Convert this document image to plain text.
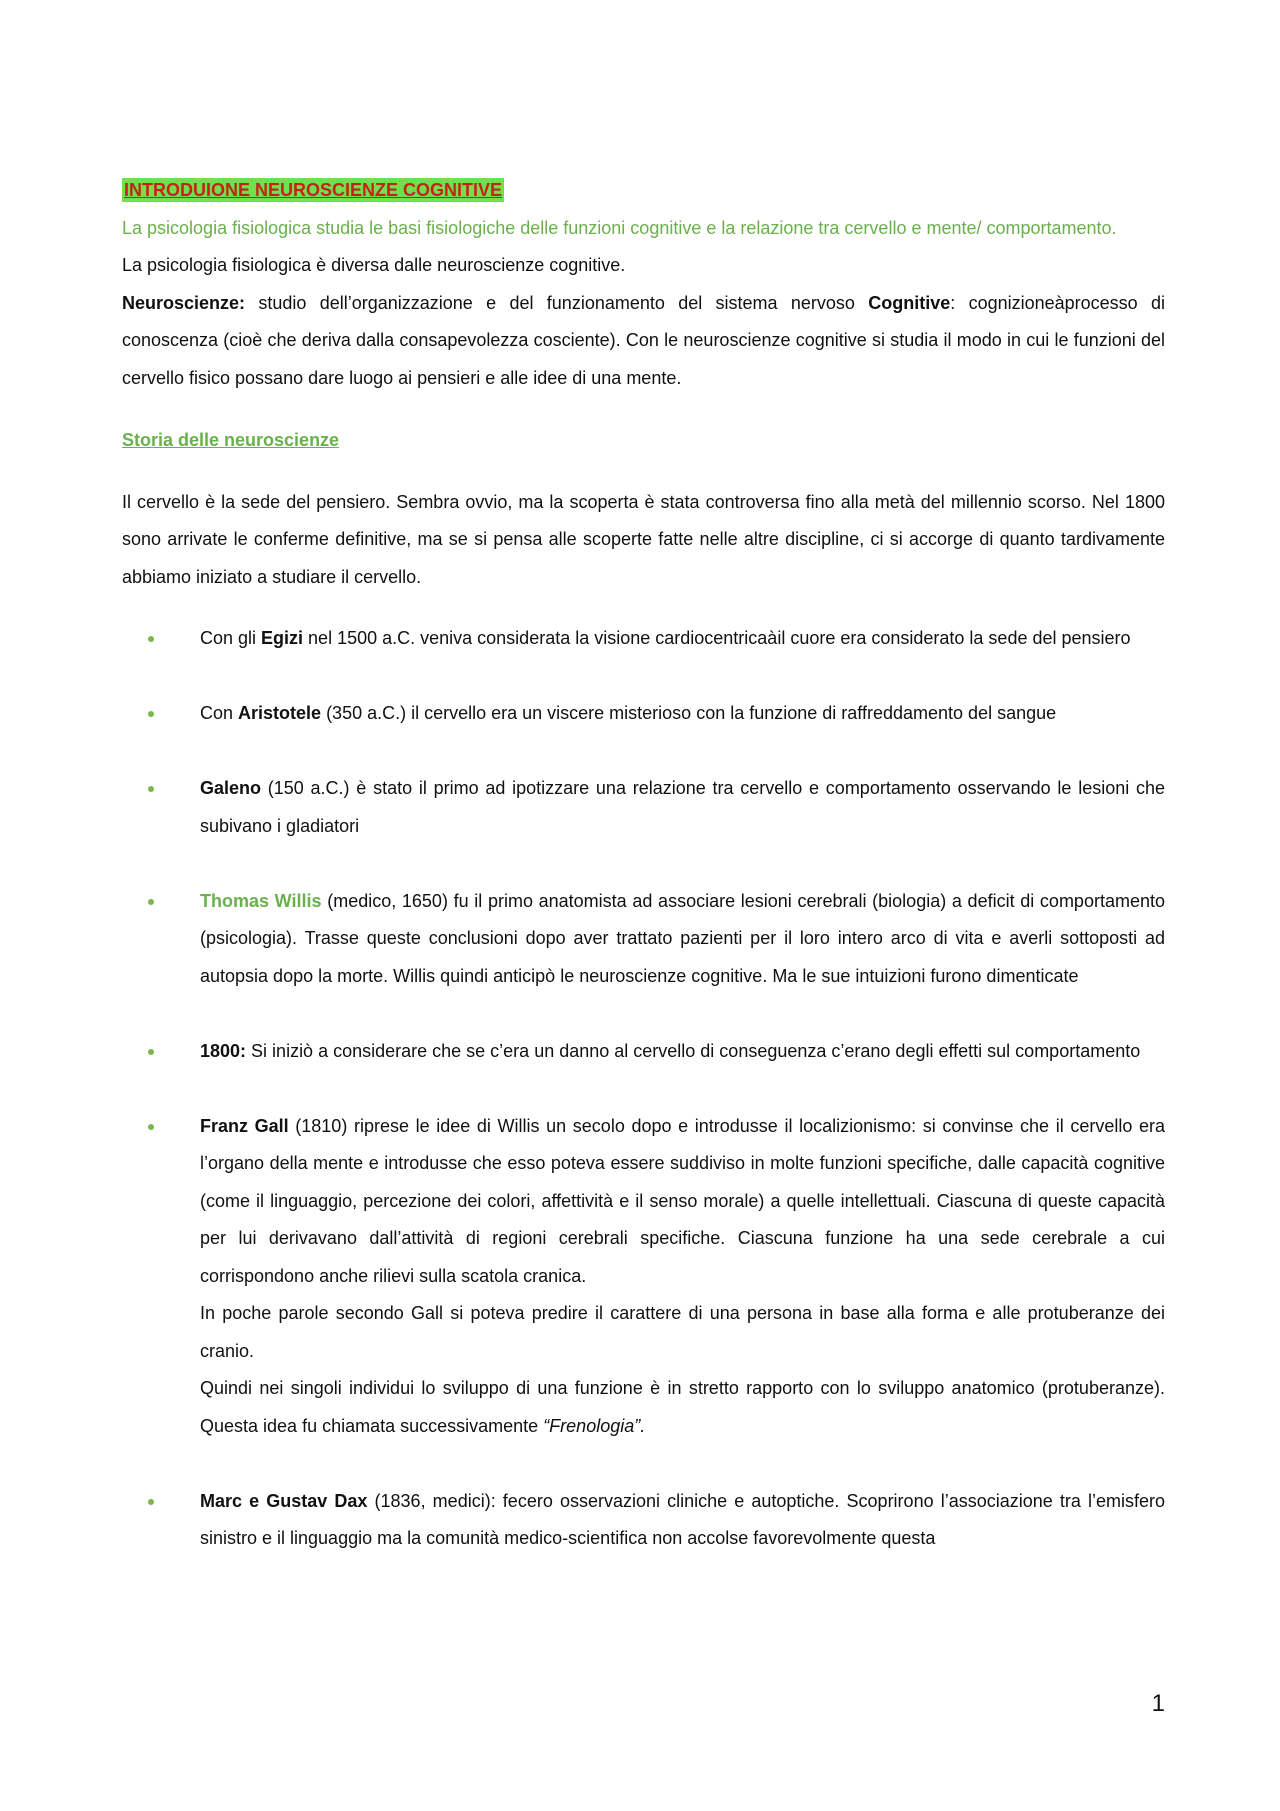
INTRODUIONE NEUROSCIENZE COGNITIVE

La psicologia fisiologica studia le basi fisiologiche delle funzioni cognitive e la relazione tra cervello e mente/ comportamento.

La psicologia fisiologica è diversa dalle neuroscienze cognitive.

Neuroscienze: studio dell’organizzazione e del funzionamento del sistema nervoso Cognitive: cognizioneàprocesso di conoscenza (cioè che deriva dalla consapevolezza cosciente). Con le neuroscienze cognitive si studia il modo in cui le funzioni del cervello fisico possano dare luogo ai pensieri e alle idee di una mente.

Storia delle neuroscienze

Il cervello è la sede del pensiero. Sembra ovvio, ma la scoperta è stata controversa fino alla metà del millennio scorso. Nel 1800 sono arrivate le conferme definitive, ma se si pensa alle scoperte fatte nelle altre discipline, ci si accorge di quanto tardivamente abbiamo iniziato a studiare il cervello.

Con gli Egizi nel 1500 a.C. veniva considerata la visione cardiocentricaàil cuore era considerato la sede del pensiero
Con Aristotele (350 a.C.) il cervello era un viscere misterioso con la funzione di raffreddamento del sangue
Galeno (150 a.C.) è stato il primo ad ipotizzare una relazione tra cervello e comportamento osservando le lesioni che subivano i gladiatori
Thomas Willis (medico, 1650) fu il primo anatomista ad associare lesioni cerebrali (biologia) a deficit di comportamento (psicologia). Trasse queste conclusioni dopo aver trattato pazienti per il loro intero arco di vita e averli sottoposti ad autopsia dopo la morte. Willis quindi anticipò le neuroscienze cognitive. Ma le sue intuizioni furono dimenticate
1800: Si iniziò a considerare che se c’era un danno al cervello di conseguenza c’erano degli effetti sul comportamento
Franz Gall (1810) riprese le idee di Willis un secolo dopo e introdusse il localizionismo: si convinse che il cervello era l’organo della mente e introdusse che esso poteva essere suddiviso in molte funzioni specifiche, dalle capacità cognitive (come il linguaggio, percezione dei colori, affettività e il senso morale) a quelle intellettuali. Ciascuna di queste capacità per lui derivavano dall’attività di regioni cerebrali specifiche. Ciascuna funzione ha una sede cerebrale a cui corrispondono anche rilievi sulla scatola cranica.
In poche parole secondo Gall si poteva predire il carattere di una persona in base alla forma e alle protuberanze dei cranio.
Quindi nei singoli individui lo sviluppo di una funzione è in stretto rapporto con lo sviluppo anatomico (protuberanze). Questa idea fu chiamata successivamente “Frenologia”.
Marc e Gustav Dax (1836, medici): fecero osservazioni cliniche e autoptiche. Scoprirono l’associazione tra l’emisfero sinistro e il linguaggio ma la comunità medico-scientifica non accolse favorevolmente questa
1
